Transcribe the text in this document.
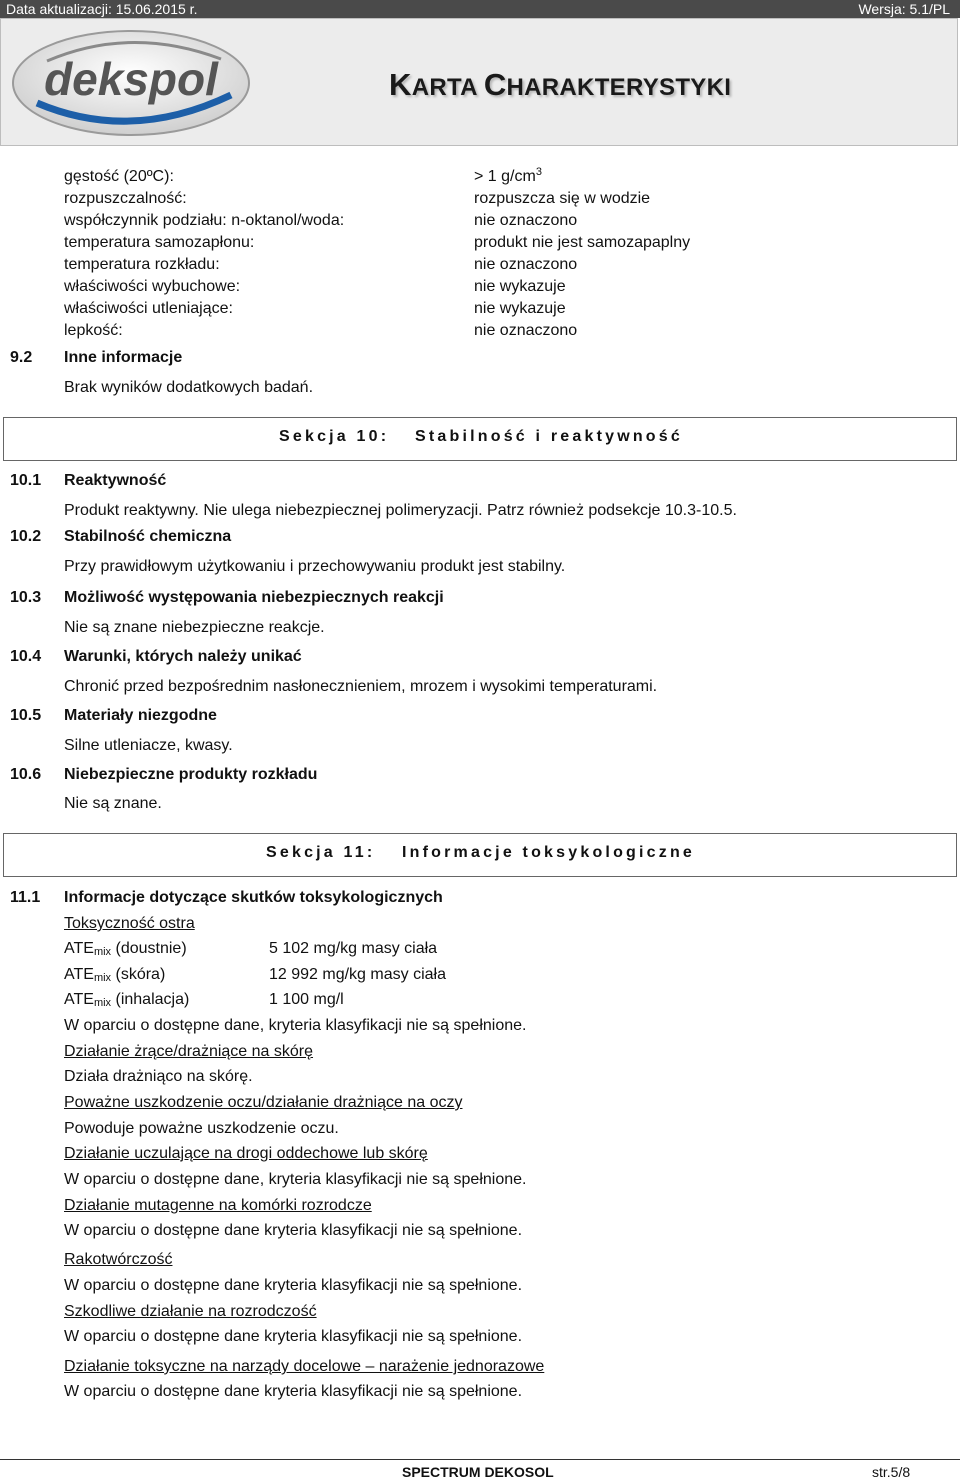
Data aktualizacji: 15.06.2015 r.	Wersja: 5.1/PL
dekspol	KARTA CHARAKTERYSTYKI
gęstość (20ºC):	> 1 $g/cm^3$
rozpuszczalność:	rozpuszcza się w wodzie
współczynnik podziału: n-oktanol/woda:	nie oznaczono
temperatura samozapłonu:	produkt nie jest samozapaplny
temperatura rozkładu:	nie oznaczono
właściwości wybuchowe:	nie wykazuje
właściwości utleniające:	nie wykazuje
lepkość:	nie oznaczono
9.2 Inne informacje
Brak wyników dodatkowych badań.
Sekcja 10: Stabilność i reaktywność
10.1 Reaktywność
Produkt reaktywny. Nie ulega niebezpiecznej polimeryzacji. Patrz również podsekcje 10.3-10.5.
10.2 Stabilność chemiczna
Przy prawidłowym użytkowaniu i przechowywaniu produkt jest stabilny.
10.3 Możliwość występowania niebezpiecznych reakcji
Nie są znane niebezpieczne reakcje.
10.4 Warunki, których należy unikać
Chronić przed bezpośrednim nasłonecznieniem, mrozem i wysokimi temperaturami.
10.5 Materiały niezgodne
Silne utleniacze, kwasy.
10.6 Niebezpieczne produkty rozkładu
Nie są znane.
Sekcja 11: Informacje toksykologiczne
11.1 Informacje dotyczące skutków toksykologicznych
Toksyczność ostra
$ATE_{mix}$ (doustnie)	5 102 mg/kg masy ciała
$ATE_{mix}$ (skóra)	12 992 mg/kg masy ciała
$ATE_{mix}$ (inhalacja)	1 100 mg/l
W oparciu o dostępne dane, kryteria klasyfikacji nie są spełnione.
Działanie żrące/drażniące na skórę
Działa drażniąco na skórę.
Poważne uszkodzenie oczu/działanie drażniące na oczy
Powoduje poważne uszkodzenie oczu.
Działanie uczulające na drogi oddechowe lub skórę
W oparciu o dostępne dane, kryteria klasyfikacji nie są spełnione.
Działanie mutagenne na komórki rozrodcze
W oparciu o dostępne dane kryteria klasyfikacji nie są spełnione.
Rakotwórczość
W oparciu o dostępne dane kryteria klasyfikacji nie są spełnione.
Szkodliwe działanie na rozrodczość
W oparciu o dostępne dane kryteria klasyfikacji nie są spełnione.
Działanie toksyczne na narządy docelowe – narażenie jednorazowe
W oparciu o dostępne dane kryteria klasyfikacji nie są spełnione.
SPECTRUM DEKOSOL	str.5/8
